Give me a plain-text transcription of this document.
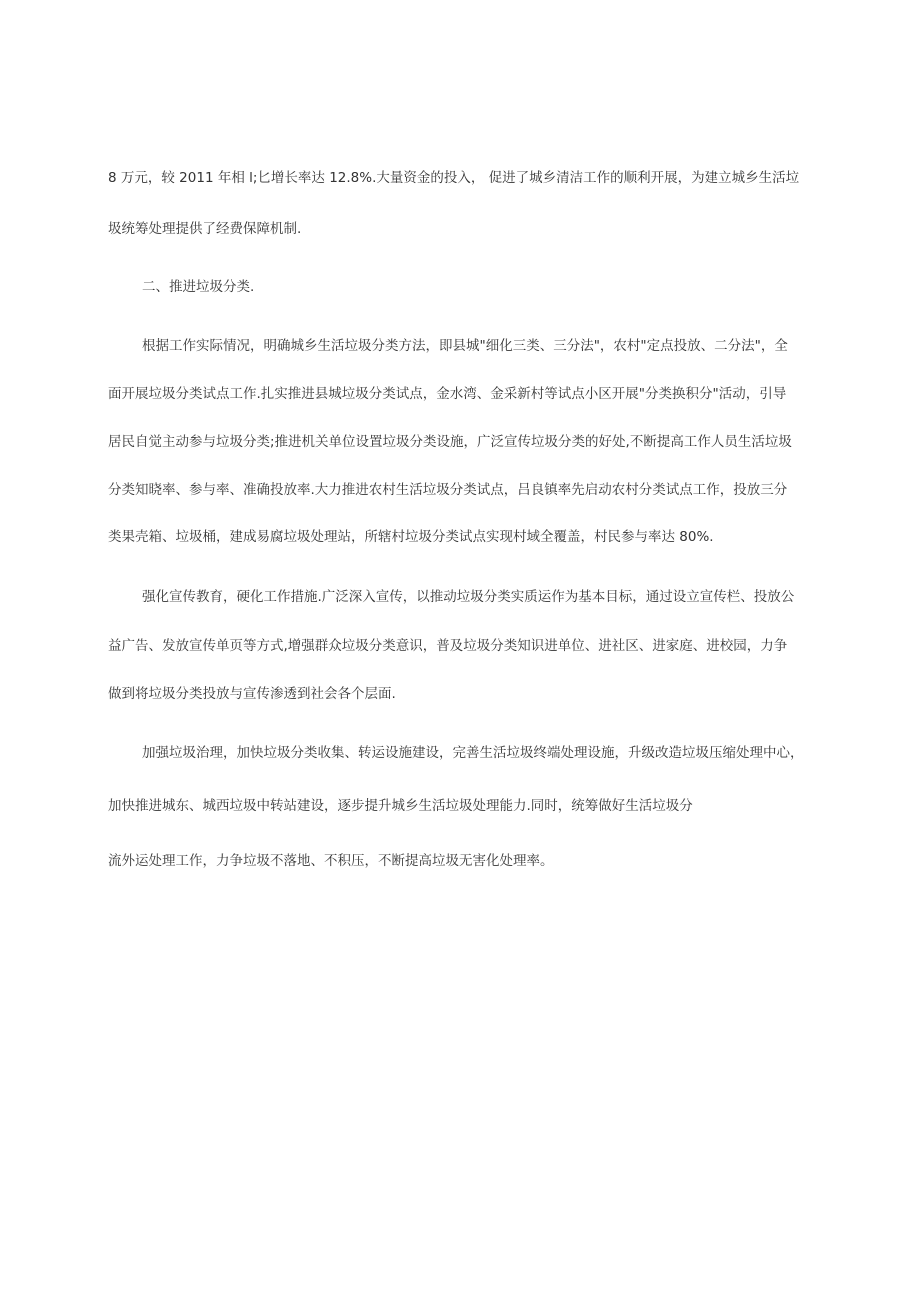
8 万元，较 2011 年相 l;匕增长率达 12.8%.大量资金的投入， 促进了城乡清洁工作的顺利开展，为建立城乡生活垃
圾统筹处理提供了经费保障机制.
二、推进垃圾分类.
根据工作实际情况，明确城乡生活垃圾分类方法，即县城"细化三类、三分法"，农村"定点投放、二分法"，全
面开展垃圾分类试点工作.扎实推进县城垃圾分类试点，金水湾、金采新村等试点小区开展"分类换积分"活动，引导
居民自觉主动参与垃圾分类;推进机关单位设置垃圾分类设施，广泛宣传垃圾分类的好处,不断提高工作人员生活垃圾
分类知晓率、参与率、准确投放率.大力推进农村生活垃圾分类试点，吕良镇率先启动农村分类试点工作，投放三分
类果壳箱、垃圾桶，建成易腐垃圾处理站，所辖村垃圾分类试点实现村域全覆盖，村民参与率达 80%.
强化宣传教育，硬化工作措施.广泛深入宣传，以推动垃圾分类实质运作为基本目标，通过设立宣传栏、投放公
益广告、发放宣传单页等方式,增强群众垃圾分类意识，普及垃圾分类知识进单位、进社区、进家庭、进校园，力争
做到将垃圾分类投放与宣传渗透到社会各个层面.
加强垃圾治理，加快垃圾分类收集、转运设施建设，完善生活垃圾终端处理设施，升级改造垃圾压缩处理中心，
加快推进城东、城西垃圾中转站建设，逐步提升城乡生活垃圾处理能力.同时，统筹做好生活垃圾分
流外运处理工作，力争垃圾不落地、不积压，不断提高垃圾无害化处理率。
